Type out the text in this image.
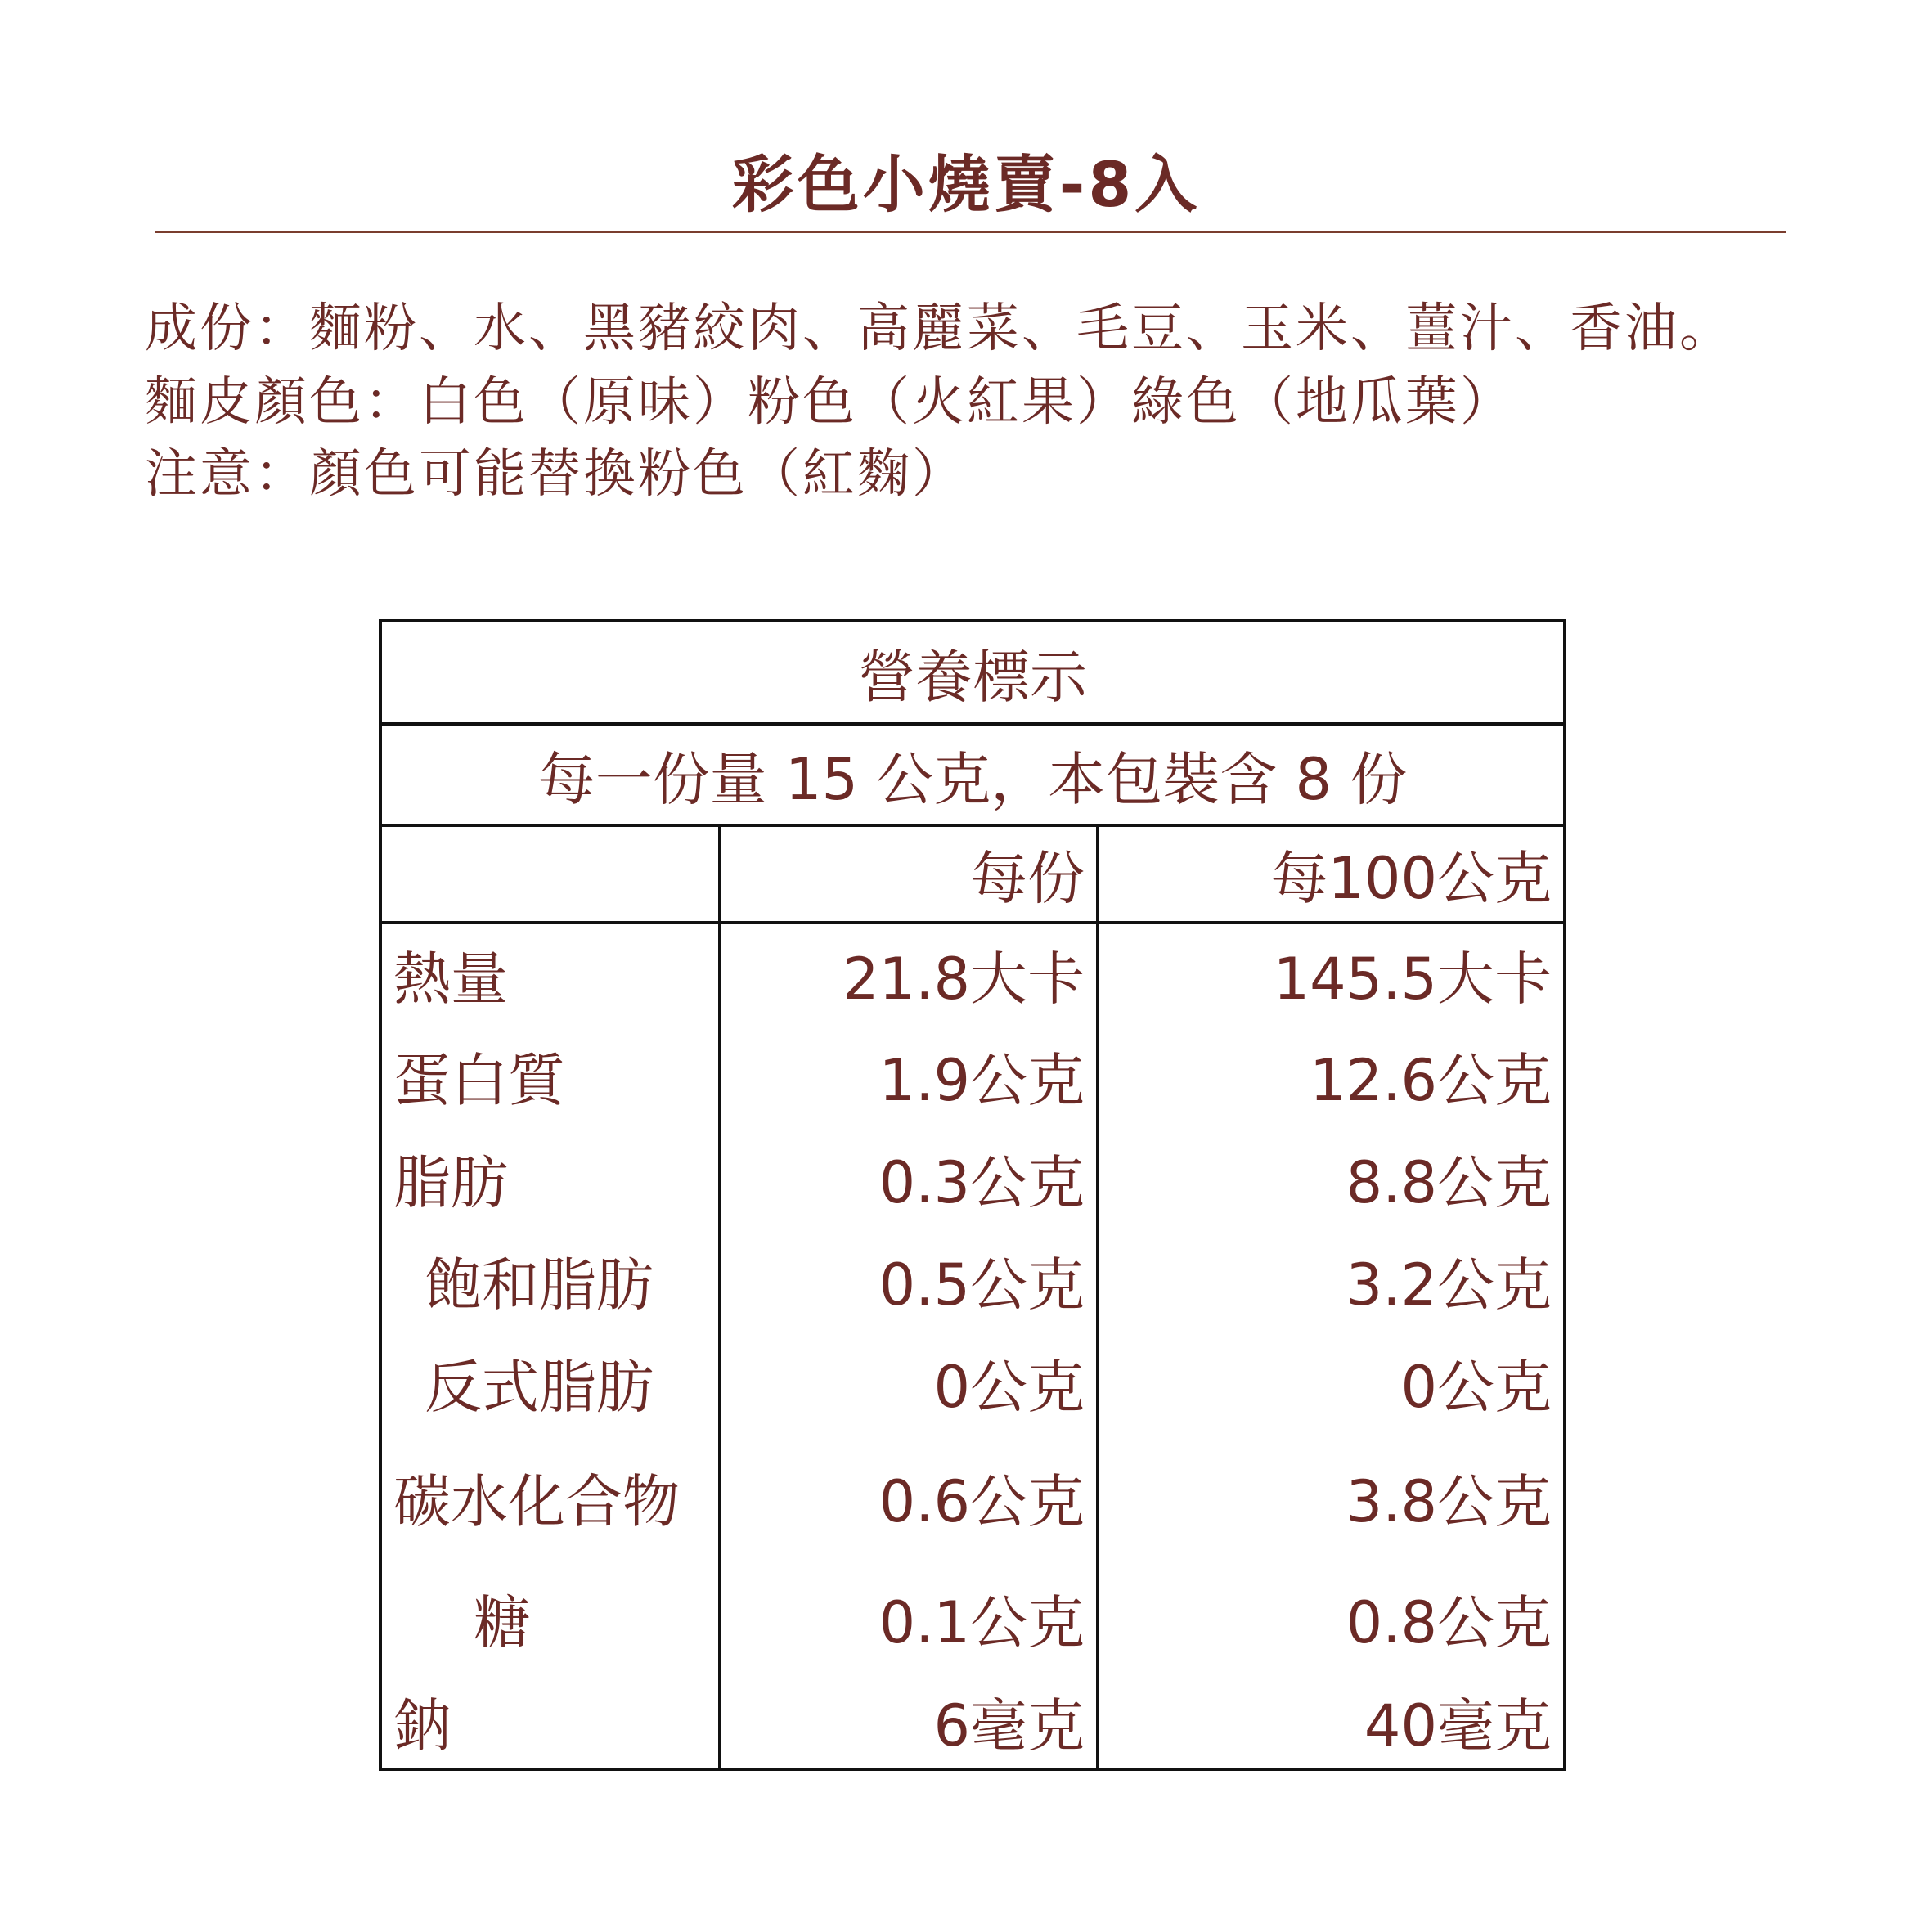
彩色小燒賣-8入
成份：麵粉、水、黑豬絞肉、高麗菜、毛豆、玉米、薑汁、香油。
麵皮顏色：白色（原味）粉色（火紅果）綠色（地瓜葉）
注意：顏色可能替換粉色（紅麴）
營養標示		
每一份量 15 公克，本包裝含 8 份		
	每份	每100公克
熱量	21.8大卡	145.5大卡
蛋白質	1.9公克	12.6公克
脂肪	0.3公克	8.8公克
飽和脂肪	0.5公克	3.2公克
反式脂肪	0公克	0公克
碳水化合物	0.6公克	3.8公克
糖	0.1公克	0.8公克
鈉	6毫克	40毫克
